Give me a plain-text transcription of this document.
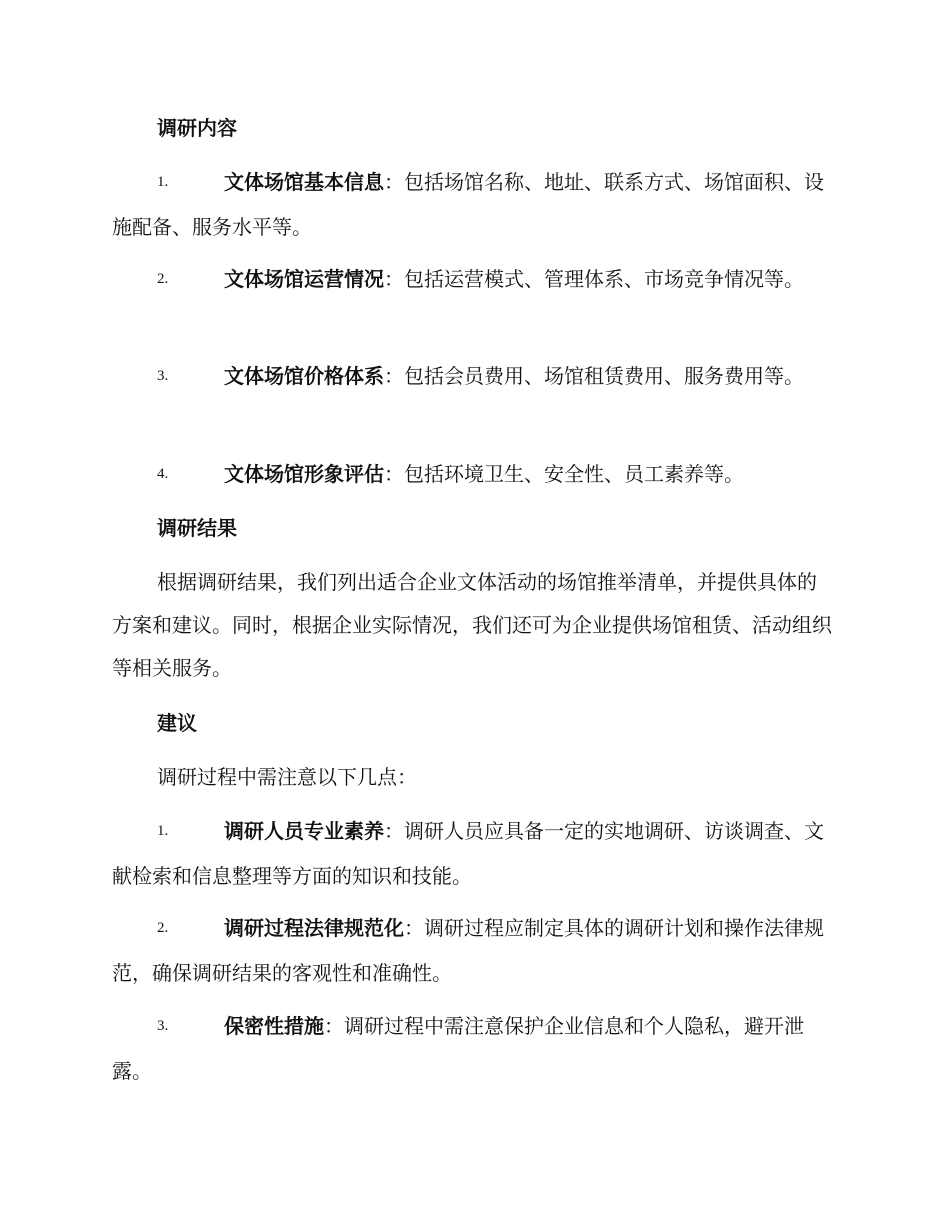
调研内容
1.	文体场馆基本信息：包括场馆名称、地址、联系方式、场馆面积、设施配备、服务水平等。
2.	文体场馆运营情况：包括运营模式、管理体系、市场竞争情况等。
3.	文体场馆价格体系：包括会员费用、场馆租赁费用、服务费用等。
4.	文体场馆形象评估：包括环境卫生、安全性、员工素养等。
调研结果
根据调研结果，我们列出适合企业文体活动的场馆推举清单，并提供具体的方案和建议。同时，根据企业实际情况，我们还可为企业提供场馆租赁、活动组织等相关服务。
建议
调研过程中需注意以下几点：
1.	调研人员专业素养：调研人员应具备一定的实地调研、访谈调查、文献检索和信息整理等方面的知识和技能。
2.	调研过程法律规范化：调研过程应制定具体的调研计划和操作法律规范，确保调研结果的客观性和准确性。
3.	保密性措施：调研过程中需注意保护企业信息和个人隐私，避开泄露。
